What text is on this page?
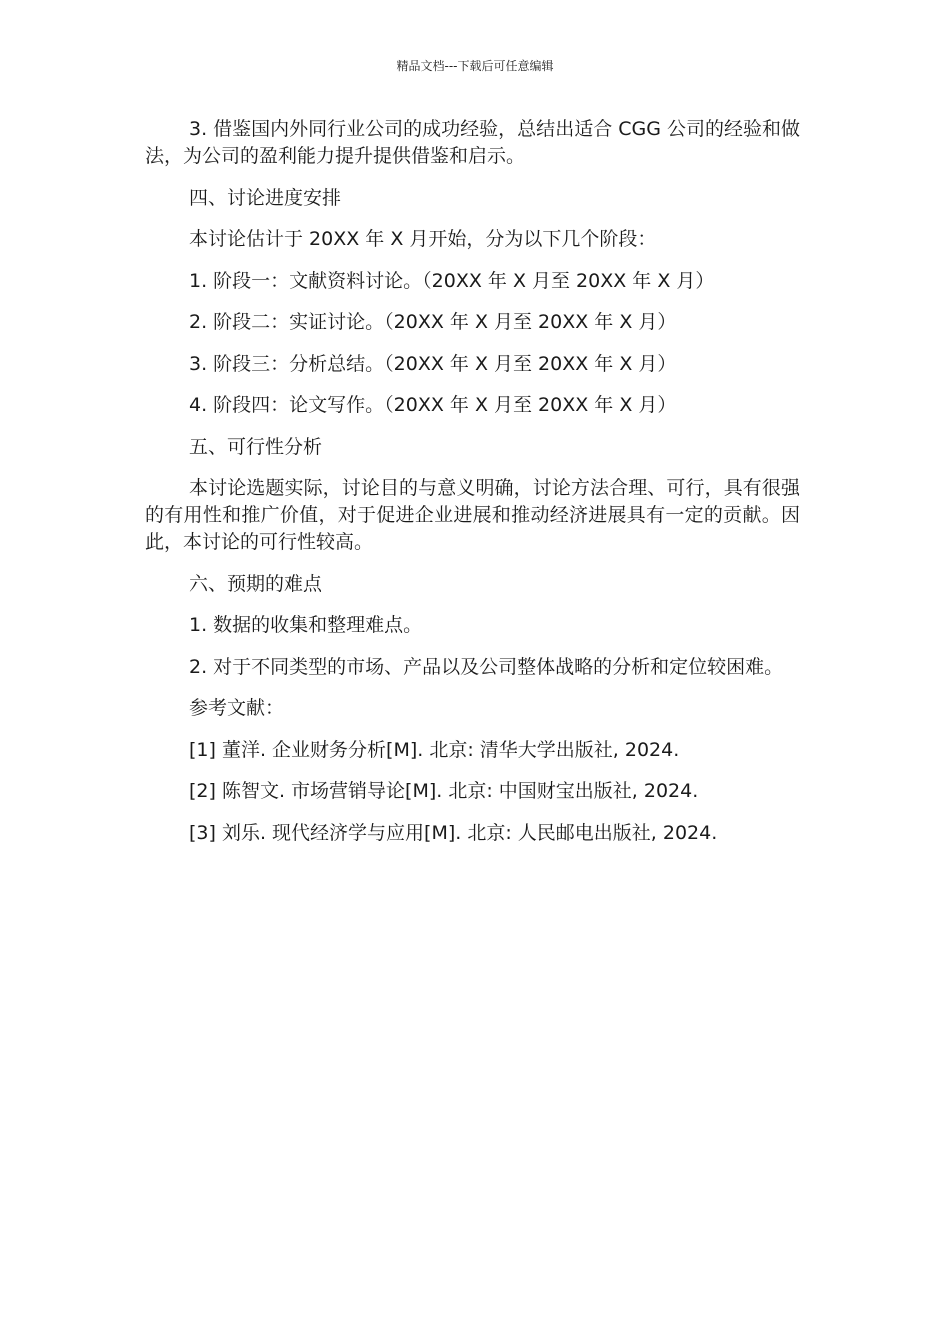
精品文档---下载后可任意编辑

3. 借鉴国内外同行业公司的成功经验，总结出适合 CGG 公司的经验和做法，为公司的盈利能力提升提供借鉴和启示。

四、讨论进度安排

本讨论估计于 20XX 年 X 月开始，分为以下几个阶段：

1. 阶段一：文献资料讨论。（20XX 年 X 月至 20XX 年 X 月）

2. 阶段二：实证讨论。（20XX 年 X 月至 20XX 年 X 月）

3. 阶段三：分析总结。（20XX 年 X 月至 20XX 年 X 月）

4. 阶段四：论文写作。（20XX 年 X 月至 20XX 年 X 月）

五、可行性分析

本讨论选题实际，讨论目的与意义明确，讨论方法合理、可行，具有很强的有用性和推广价值，对于促进企业进展和推动经济进展具有一定的贡献。因此，本讨论的可行性较高。

六、预期的难点

1. 数据的收集和整理难点。

2. 对于不同类型的市场、产品以及公司整体战略的分析和定位较困难。

参考文献：

[1] 董洋. 企业财务分析[M]. 北京: 清华大学出版社, 2024.

[2] 陈智文. 市场营销导论[M]. 北京: 中国财宝出版社, 2024.

[3] 刘乐. 现代经济学与应用[M]. 北京: 人民邮电出版社, 2024.
